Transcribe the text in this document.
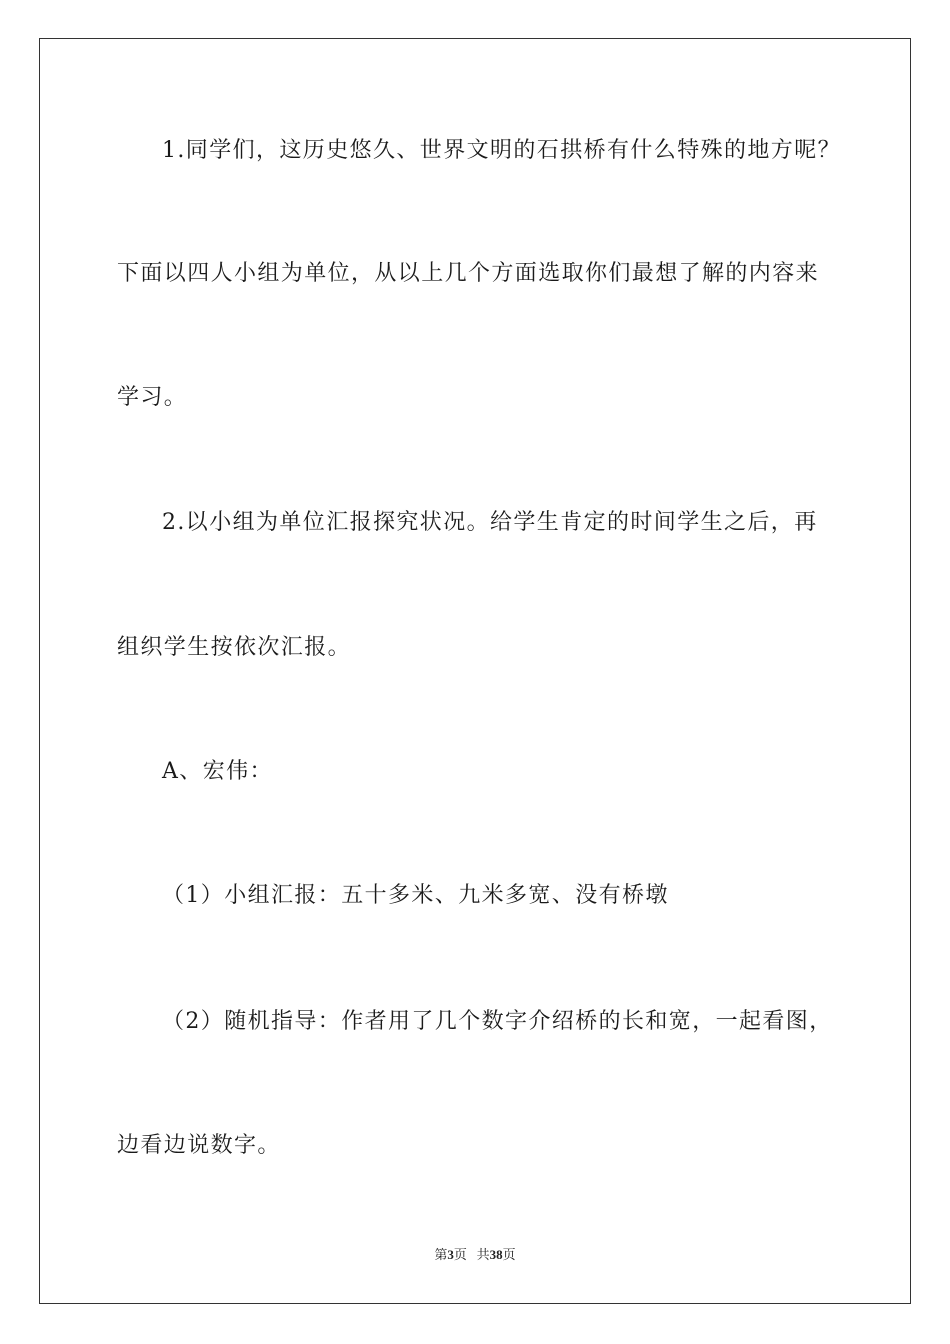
1.同学们，这历史悠久、世界文明的石拱桥有什么特殊的地方呢？
下面以四人小组为单位，从以上几个方面选取你们最想了解的内容来
学习。
2.以小组为单位汇报探究状况。给学生肯定的时间学生之后，再
组织学生按依次汇报。
A、宏伟：
（1）小组汇报：五十多米、九米多宽、没有桥墩
（2）随机指导：作者用了几个数字介绍桥的长和宽，一起看图，
边看边说数字。
第3页 共38页
